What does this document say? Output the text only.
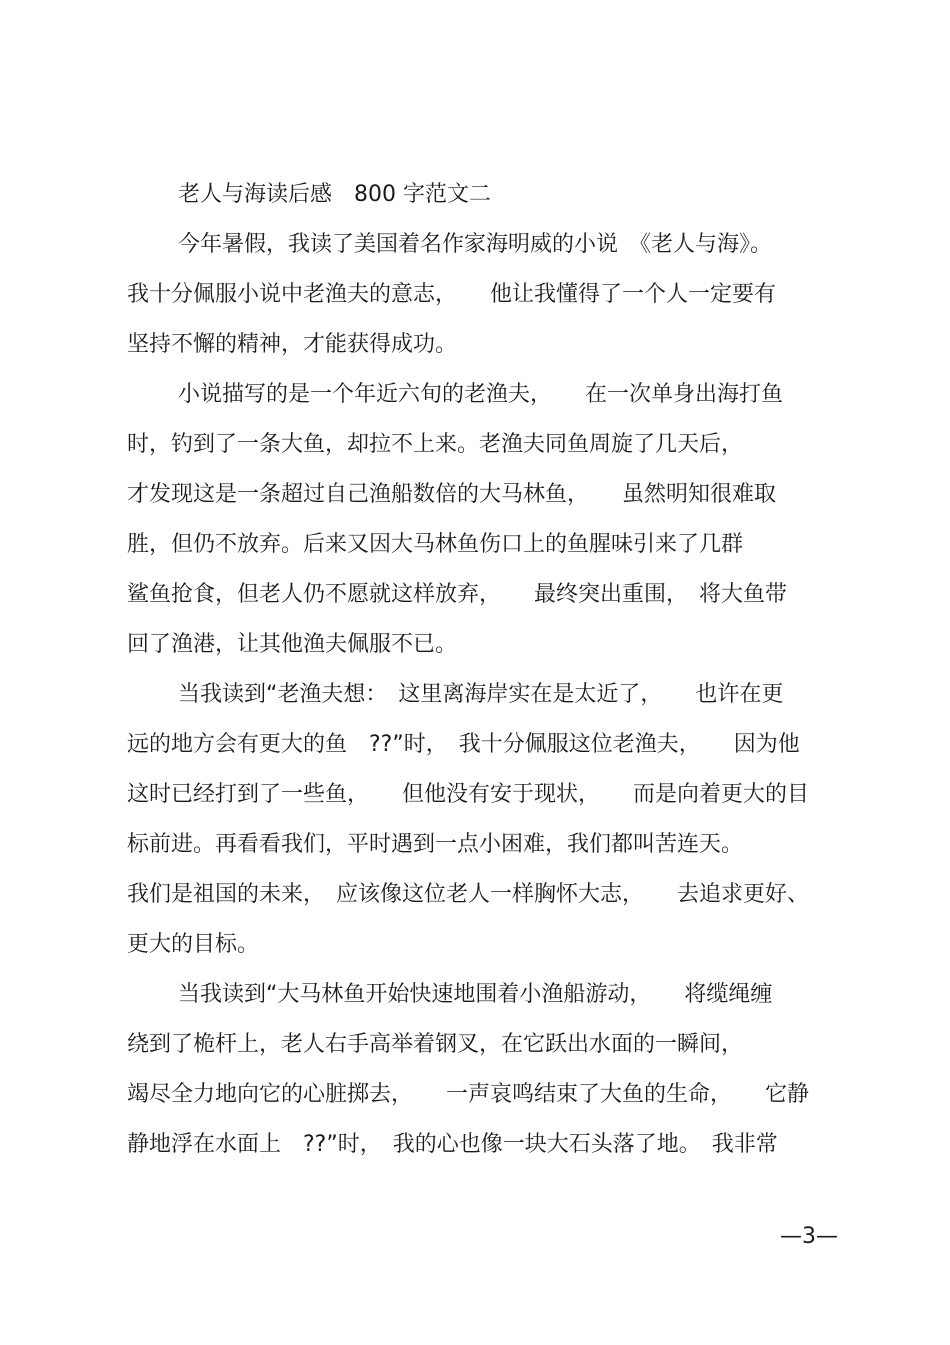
老人与海读后感　800 字范文二
今年暑假，我读了美国着名作家海明威的小说　《老人与海》。
我十分佩服小说中老渔夫的意志，　　他让我懂得了一个人一定要有
坚持不懈的精神，才能获得成功。
小说描写的是一个年近六旬的老渔夫，　　在一次单身出海打鱼
时，钓到了一条大鱼，却拉不上来。老渔夫同鱼周旋了几天后，
才发现这是一条超过自己渔船数倍的大马林鱼，　　虽然明知很难取
胜，但仍不放弃。后来又因大马林鱼伤口上的鱼腥味引来了几群
鲨鱼抢食，但老人仍不愿就这样放弃，　　最终突出重围，　将大鱼带
回了渔港，让其他渔夫佩服不已。
当我读到“老渔夫想：　这里离海岸实在是太近了，　　也许在更
远的地方会有更大的鱼　??”时，　我十分佩服这位老渔夫，　　因为他
这时已经打到了一些鱼，　　但他没有安于现状，　　而是向着更大的目
标前进。再看看我们，平时遇到一点小困难，我们都叫苦连天。
我们是祖国的未来，　应该像这位老人一样胸怀大志，　　去追求更好、
更大的目标。
当我读到“大马林鱼开始快速地围着小渔船游动，　　将缆绳缠
绕到了桅杆上，老人右手高举着钢叉，在它跃出水面的一瞬间，
竭尽全力地向它的心脏掷去，　　一声哀鸣结束了大鱼的生命，　　它静
静地浮在水面上　??”时，　我的心也像一块大石头落了地。　我非常
—3—
